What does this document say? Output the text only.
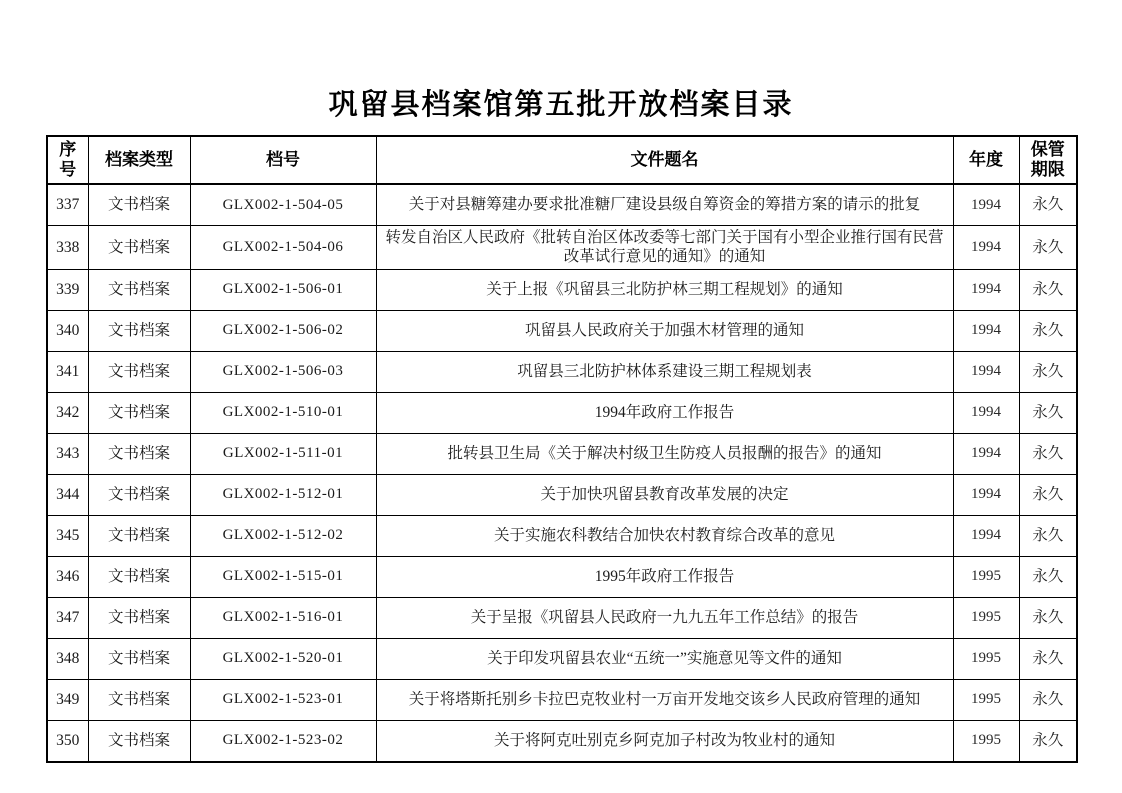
巩留县档案馆第五批开放档案目录
序号	档案类型	档号	文件题名	年度	保管期限
337	文书档案	GLX002-1-504-05	关于对县糖筹建办要求批准糖厂建设县级自筹资金的筹措方案的请示的批复	1994	永久
338	文书档案	GLX002-1-504-06	转发自治区人民政府《批转自治区体改委等七部门关于国有小型企业推行国有民营改革试行意见的通知》的通知	1994	永久
339	文书档案	GLX002-1-506-01	关于上报《巩留县三北防护林三期工程规划》的通知	1994	永久
340	文书档案	GLX002-1-506-02	巩留县人民政府关于加强木材管理的通知	1994	永久
341	文书档案	GLX002-1-506-03	巩留县三北防护林体系建设三期工程规划表	1994	永久
342	文书档案	GLX002-1-510-01	1994年政府工作报告	1994	永久
343	文书档案	GLX002-1-511-01	批转县卫生局《关于解决村级卫生防疫人员报酬的报告》的通知	1994	永久
344	文书档案	GLX002-1-512-01	关于加快巩留县教育改革发展的决定	1994	永久
345	文书档案	GLX002-1-512-02	关于实施农科教结合加快农村教育综合改革的意见	1994	永久
346	文书档案	GLX002-1-515-01	1995年政府工作报告	1995	永久
347	文书档案	GLX002-1-516-01	关于呈报《巩留县人民政府一九九五年工作总结》的报告	1995	永久
348	文书档案	GLX002-1-520-01	关于印发巩留县农业“五统一”实施意见等文件的通知	1995	永久
349	文书档案	GLX002-1-523-01	关于将塔斯托别乡卡拉巴克牧业村一万亩开发地交该乡人民政府管理的通知	1995	永久
350	文书档案	GLX002-1-523-02	关于将阿克吐别克乡阿克加子村改为牧业村的通知	1995	永久
